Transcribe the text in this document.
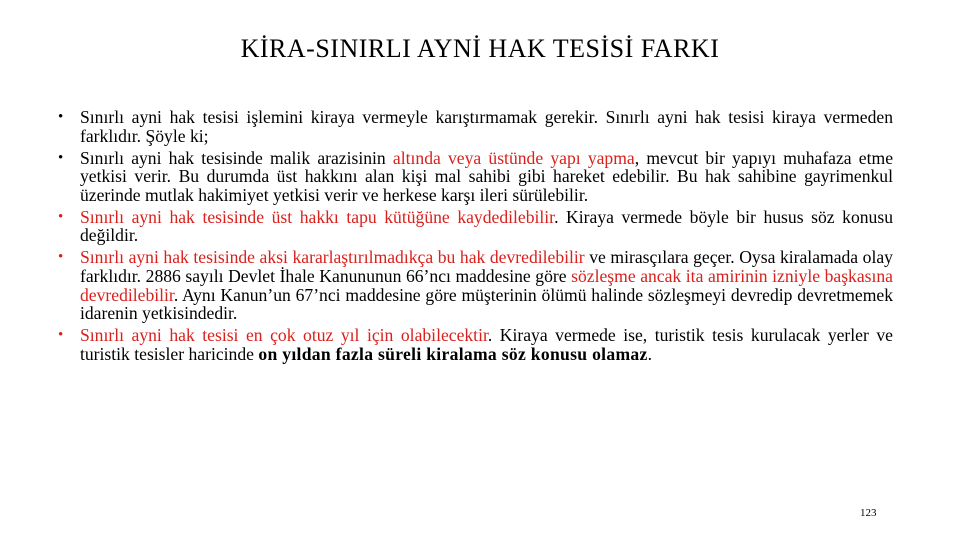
KİRA-SINIRLI AYNİ HAK TESİSİ FARKI
• Sınırlı ayni hak tesisi işlemini kiraya vermeyle karıştırmamak gerekir. Sınırlı ayni hak tesisi kiraya vermeden farklıdır. Şöyle ki;
• Sınırlı ayni hak tesisinde malik arazisinin altında veya üstünde yapı yapma, mevcut bir yapıyı muhafaza etme yetkisi verir. Bu durumda üst hakkını alan kişi mal sahibi gibi hareket edebilir. Bu hak sahibine gayrimenkul üzerinde mutlak hakimiyet yetkisi verir ve herkese karşı ileri sürülebilir.
• Sınırlı ayni hak tesisinde üst hakkı tapu kütüğüne kaydedilebilir. Kiraya vermede böyle bir husus söz konusu değildir.
• Sınırlı ayni hak tesisinde aksi kararlaştırılmadıkça bu hak devredilebilir ve mirasçılara geçer. Oysa kiralamada olay farklıdır. 2886 sayılı Devlet İhale Kanununun 66’ncı maddesine göre sözleşme ancak ita amirinin izniyle başkasına devredilebilir. Aynı Kanun’un 67’nci maddesine göre müşterinin ölümü halinde sözleşmeyi devredip devretmemek idarenin yetkisindedir.
• Sınırlı ayni hak tesisi en çok otuz yıl için olabilecektir. Kiraya vermede ise, turistik tesis kurulacak yerler ve turistik tesisler haricinde on yıldan fazla süreli kiralama söz konusu olamaz.
123
